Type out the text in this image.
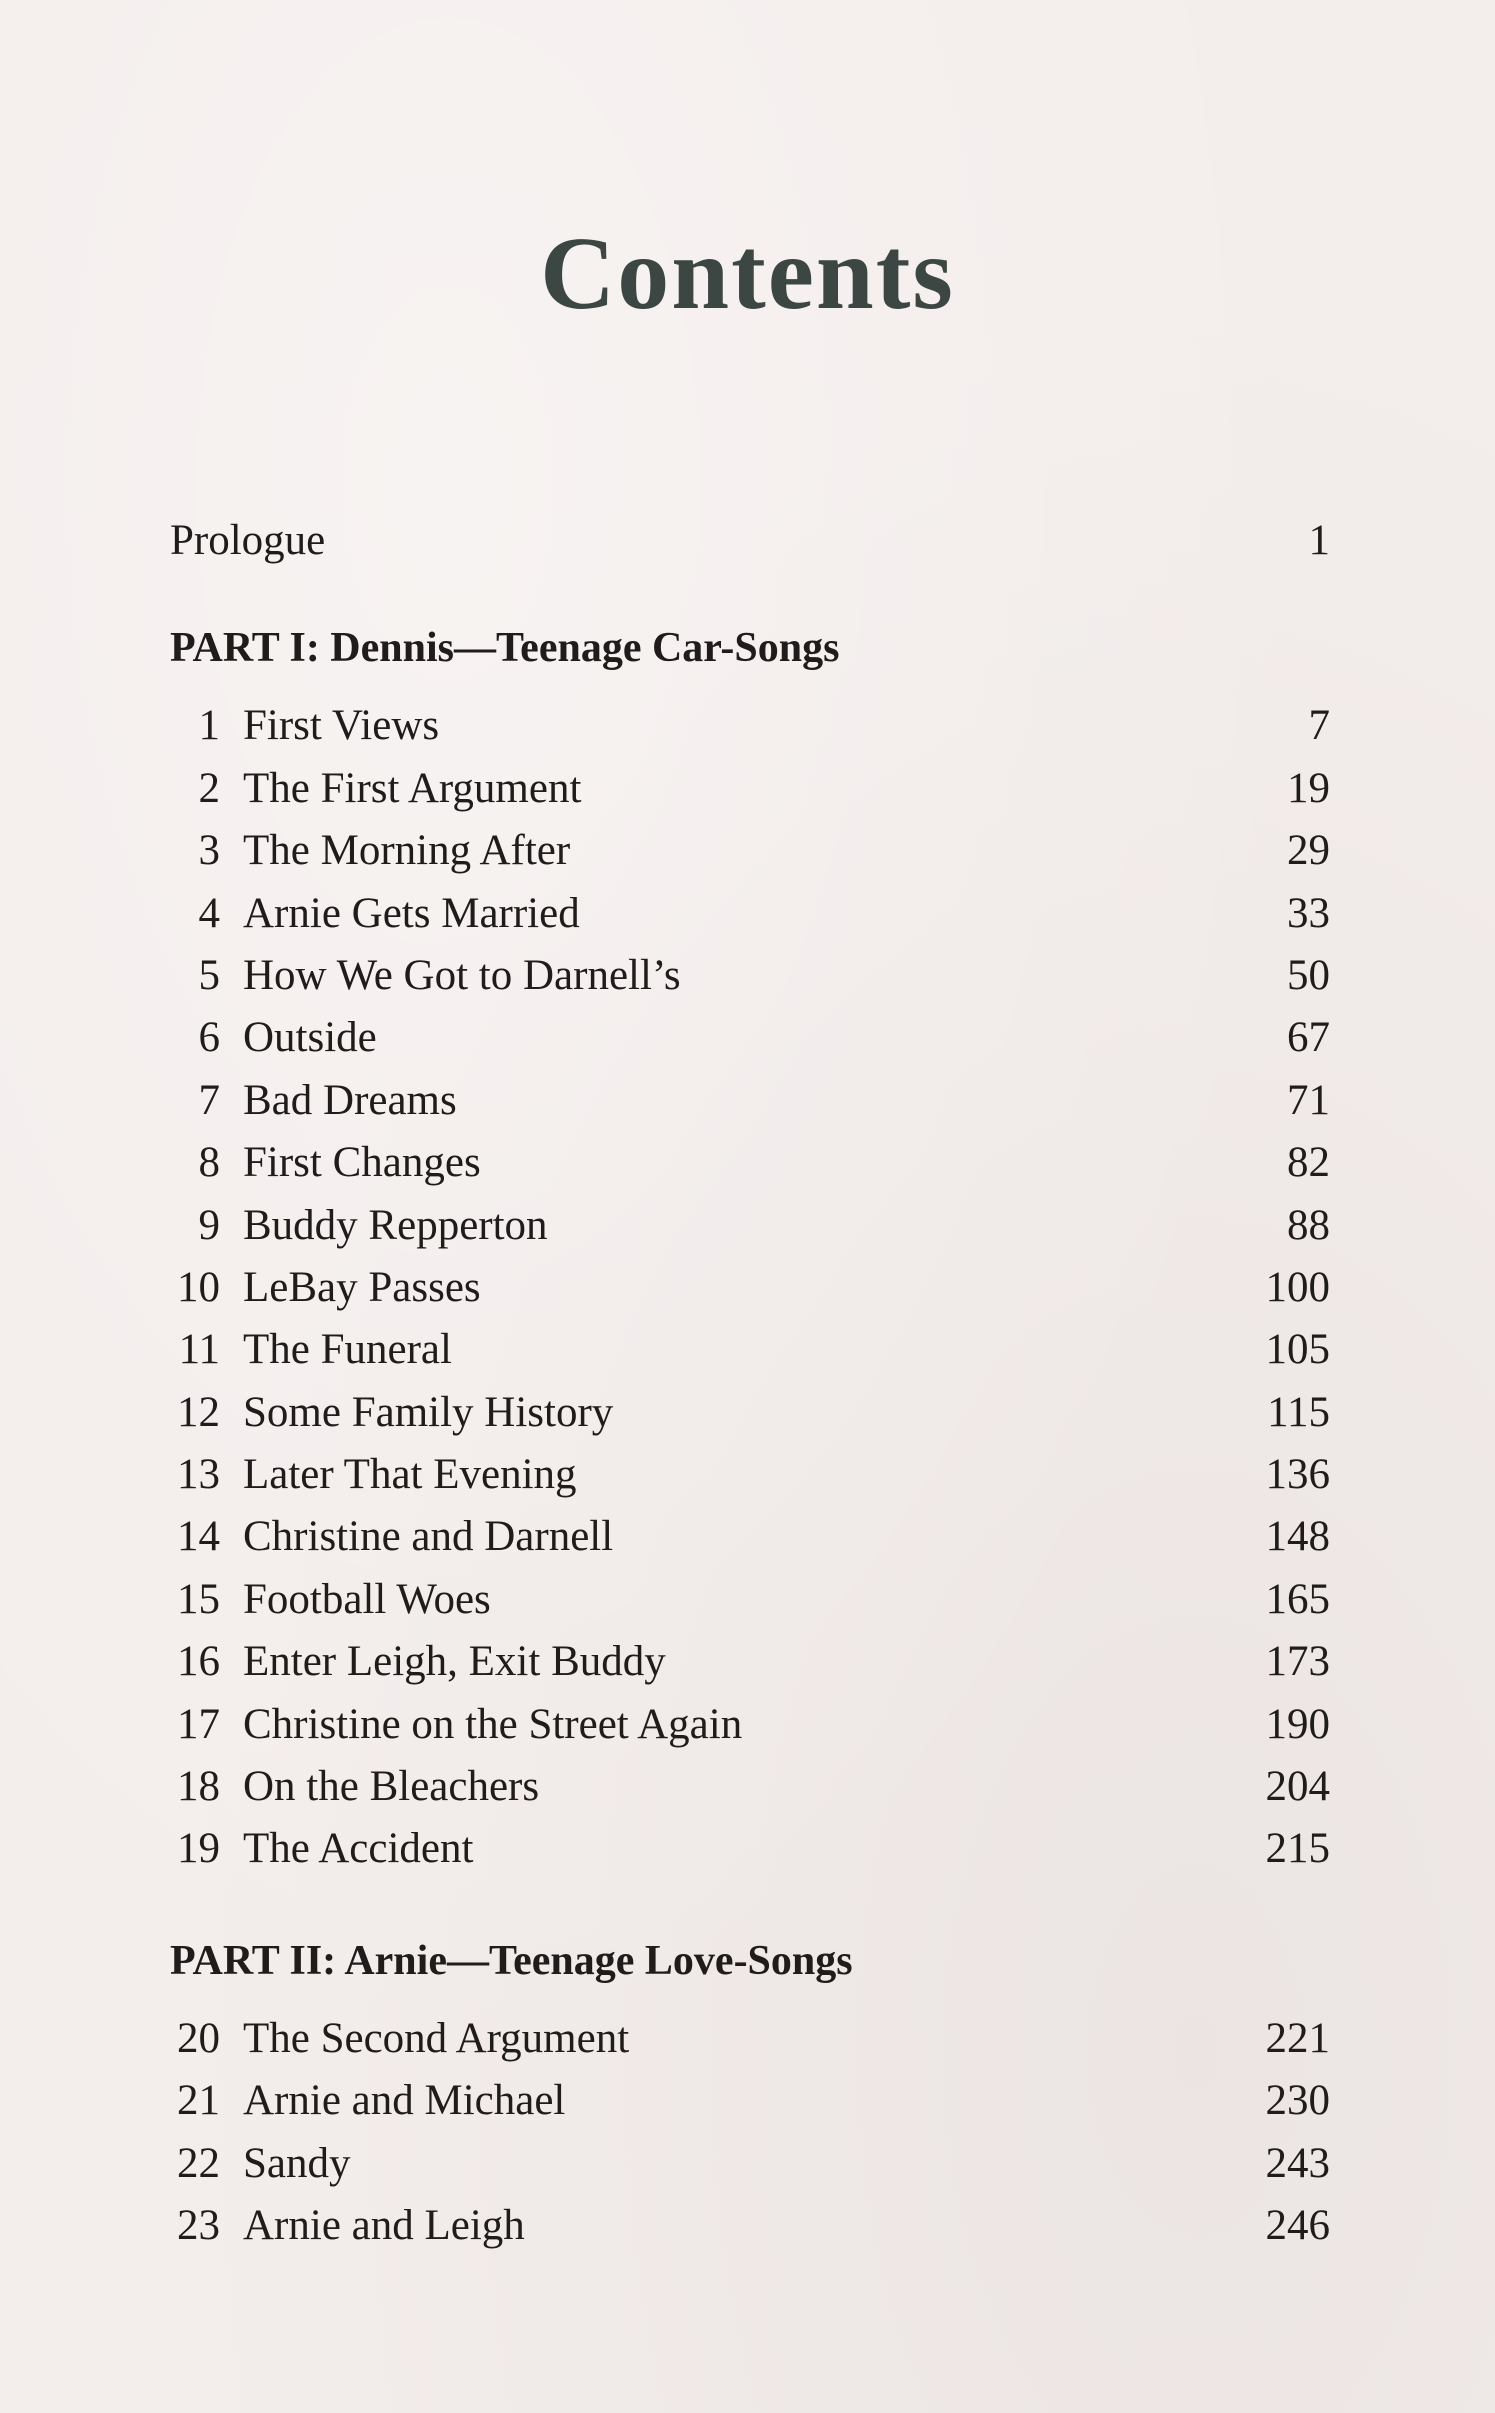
Contents
Prologue	1
PART I: Dennis—Teenage Car-Songs
1 First Views	7
2 The First Argument	19
3 The Morning After	29
4 Arnie Gets Married	33
5 How We Got to Darnell’s	50
6 Outside	67
7 Bad Dreams	71
8 First Changes	82
9 Buddy Repperton	88
10 LeBay Passes	100
11 The Funeral	105
12 Some Family History	115
13 Later That Evening	136
14 Christine and Darnell	148
15 Football Woes	165
16 Enter Leigh, Exit Buddy	173
17 Christine on the Street Again	190
18 On the Bleachers	204
19 The Accident	215
PART II: Arnie—Teenage Love-Songs
20 The Second Argument	221
21 Arnie and Michael	230
22 Sandy	243
23 Arnie and Leigh	246
